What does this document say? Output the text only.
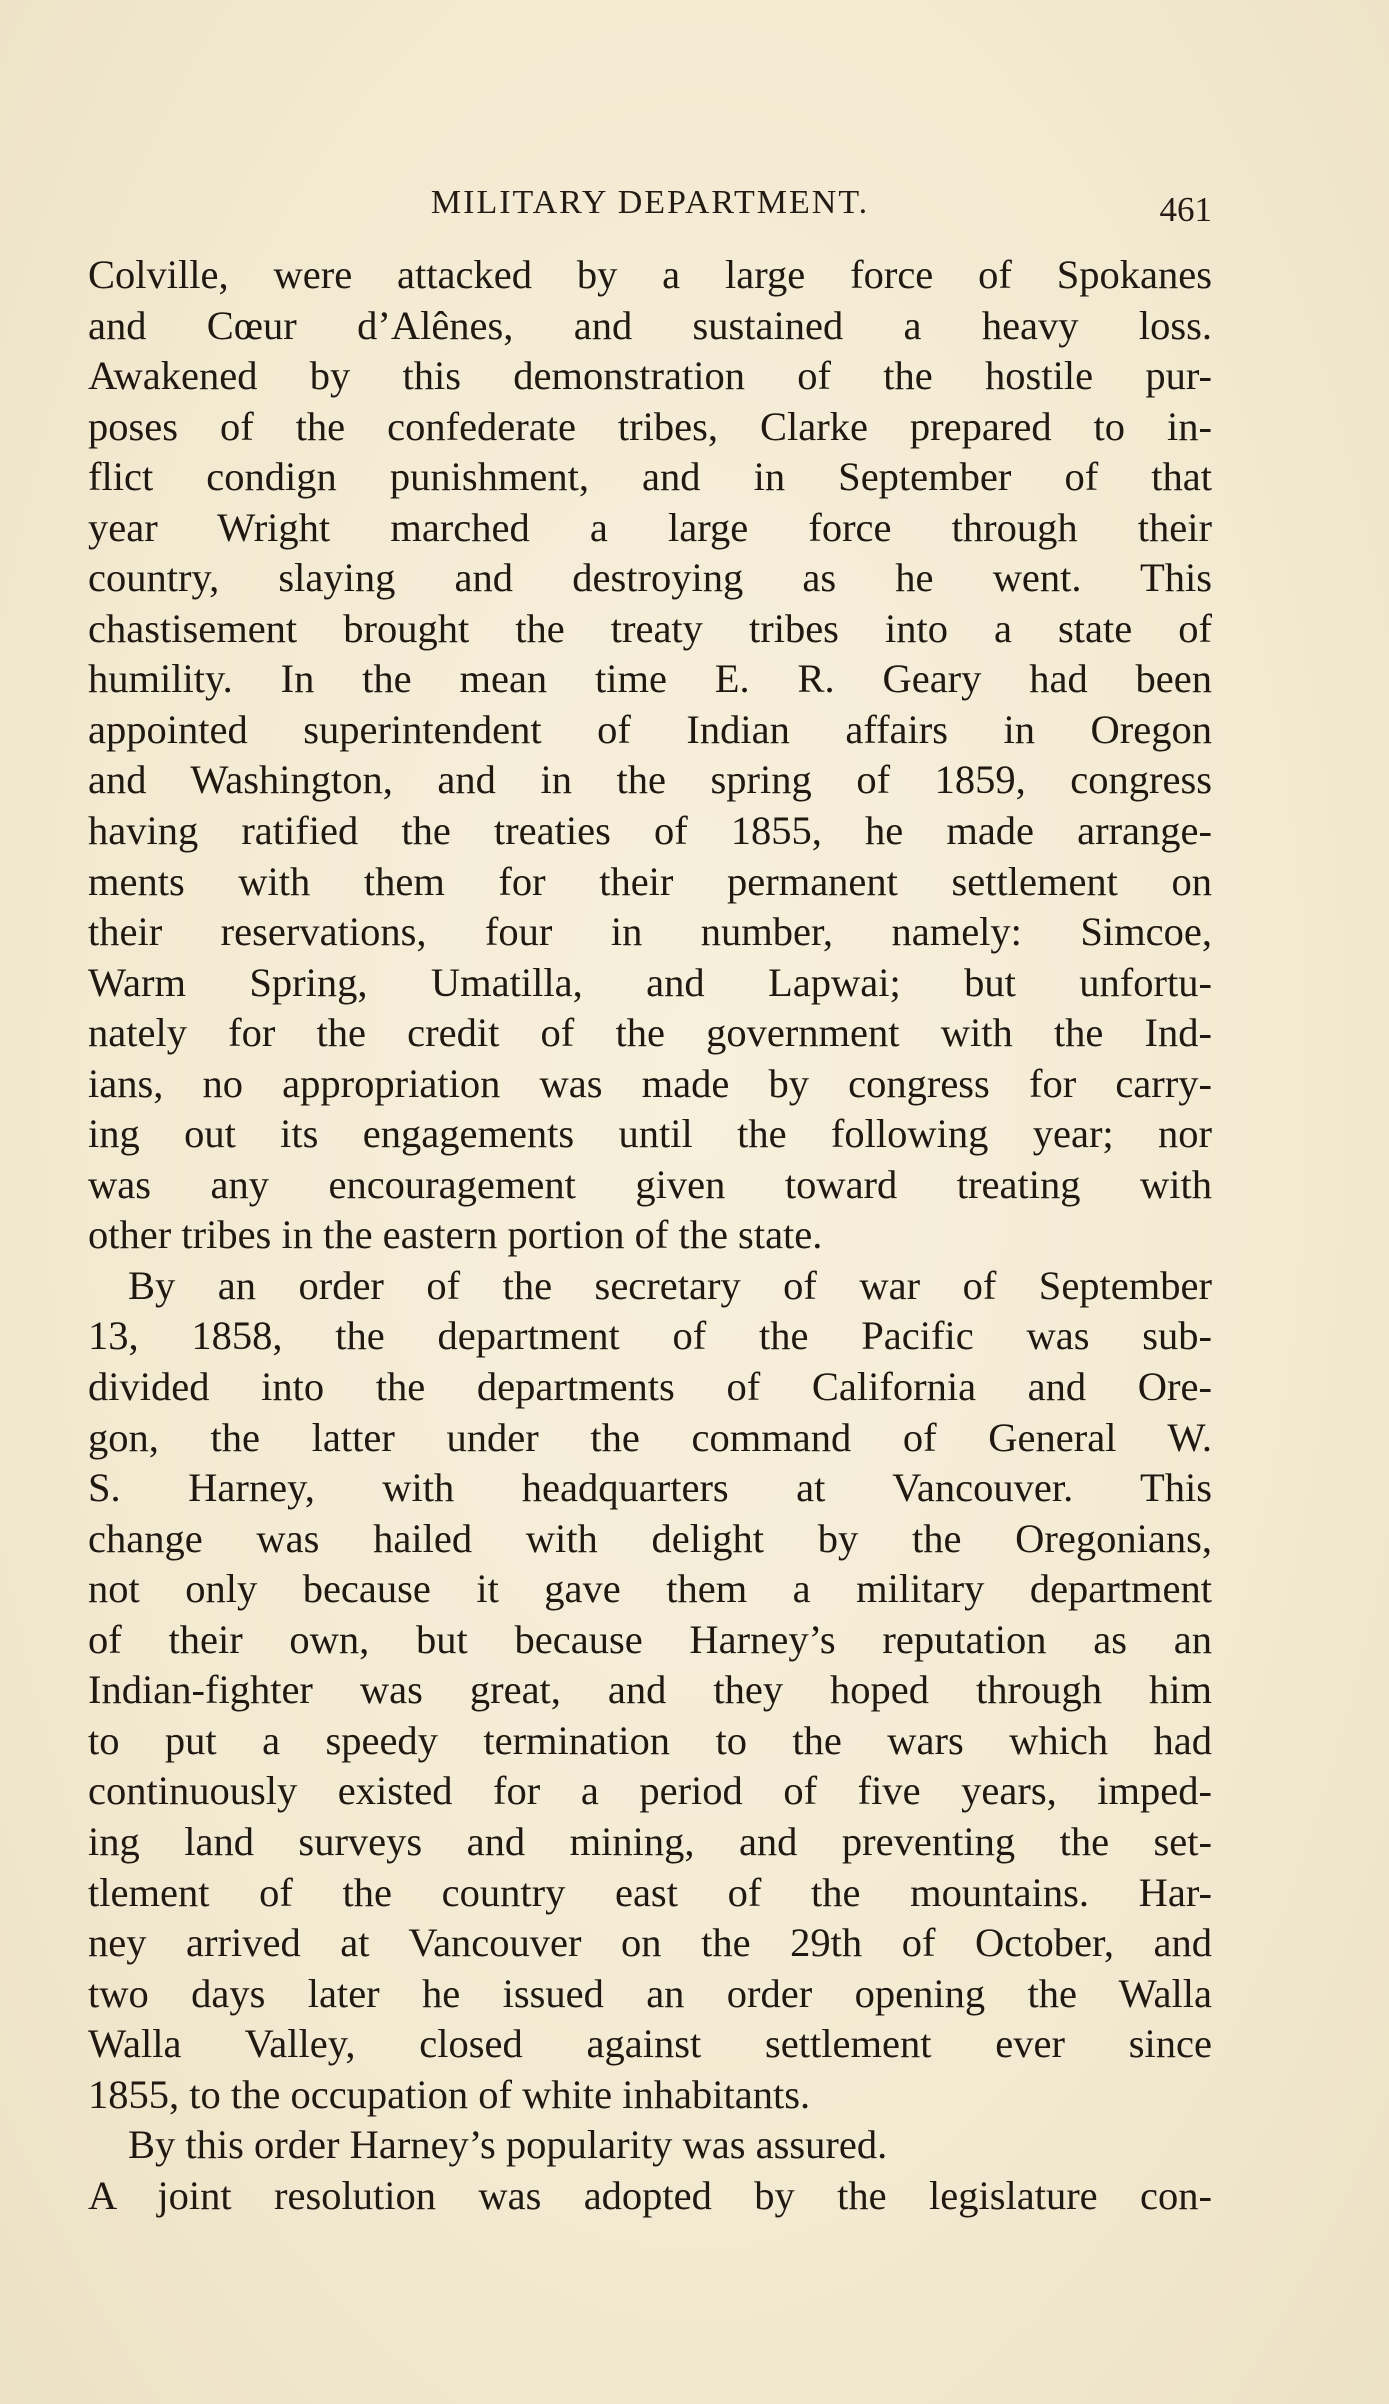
MILITARY DEPARTMENT.	461
Colville, were attacked by a large force of Spokanes
and Cœur d’Alênes, and sustained a heavy loss.
Awakened by this demonstration of the hostile pur-
poses of the confederate tribes, Clarke prepared to in-
flict condign punishment, and in September of that
year Wright marched a large force through their
country, slaying and destroying as he went. This
chastisement brought the treaty tribes into a state of
humility. In the mean time E. R. Geary had been
appointed superintendent of Indian affairs in Oregon
and Washington, and in the spring of 1859, congress
having ratified the treaties of 1855, he made arrange-
ments with them for their permanent settlement on
their reservations, four in number, namely: Simcoe,
Warm Spring, Umatilla, and Lapwai; but unfortu-
nately for the credit of the government with the Ind-
ians, no appropriation was made by congress for carry-
ing out its engagements until the following year; nor
was any encouragement given toward treating with
other tribes in the eastern portion of the state.
By an order of the secretary of war of September
13, 1858, the department of the Pacific was sub-
divided into the departments of California and Ore-
gon, the latter under the command of General W.
S. Harney, with headquarters at Vancouver. This
change was hailed with delight by the Oregonians,
not only because it gave them a military department
of their own, but because Harney’s reputation as an
Indian-fighter was great, and they hoped through him
to put a speedy termination to the wars which had
continuously existed for a period of five years, imped-
ing land surveys and mining, and preventing the set-
tlement of the country east of the mountains. Har-
ney arrived at Vancouver on the 29th of October, and
two days later he issued an order opening the Walla
Walla Valley, closed against settlement ever since
1855, to the occupation of white inhabitants.
By this order Harney’s popularity was assured.
A joint resolution was adopted by the legislature con-
